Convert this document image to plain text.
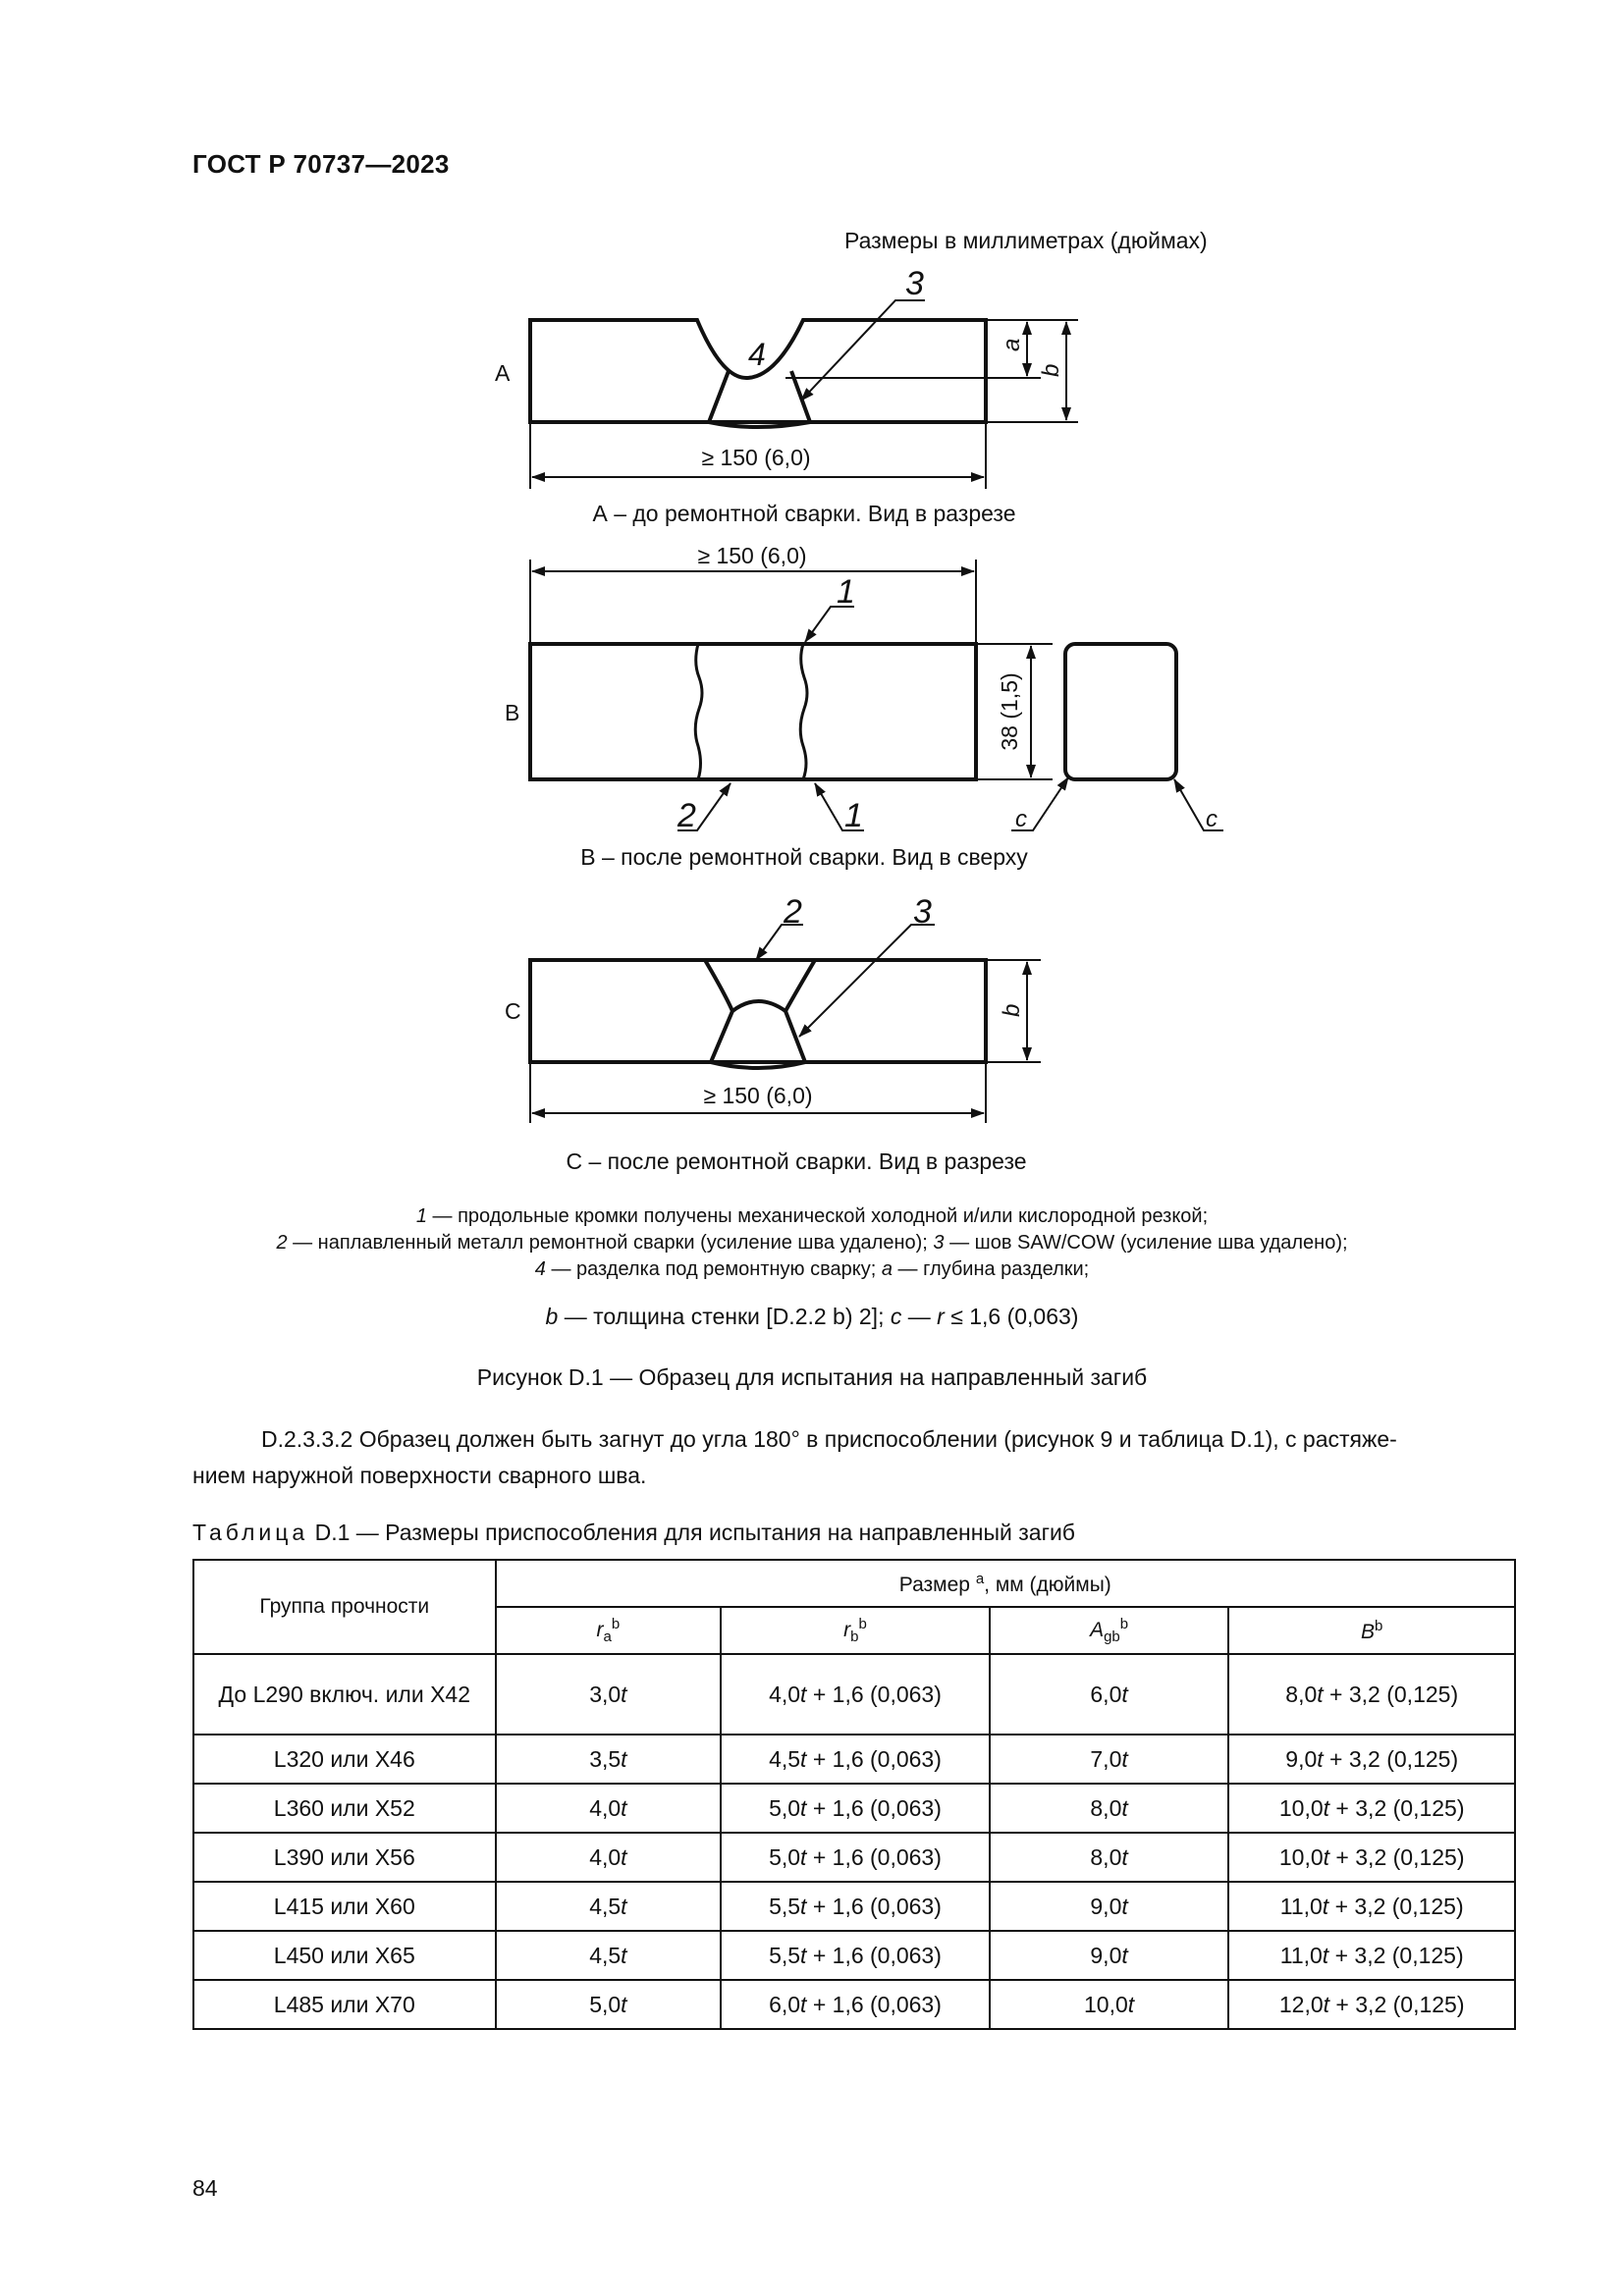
ГОСТ Р 70737—2023
Размеры в миллиметрах (дюймах)
A
3
4	a
b
≥ 150 (6,0)
B
≥ 150 (6,0)
1
2	1	c	c
38 (1,5)
C
2	3
b
≥ 150 (6,0)
А – до ремонтной сварки. Вид в разрезе
В – после ремонтной сварки. Вид в сверху
С – после ремонтной сварки. Вид в разрезе
1 — продольные кромки получены механической холодной и/или кислородной резкой;
2 — наплавленный металл ремонтной сварки (усиление шва удалено); 3 — шов SAW/COW (усиление шва удалено);
4 — разделка под ремонтную сварку; a — глубина разделки;
b — толщина стенки [D.2.2 b) 2]; c — r ≤ 1,6 (0,063)
Рисунок D.1 — Образец для испытания на направленный загиб
D.2.3.3.2 Образец должен быть загнут до угла 180° в приспособлении (рисунок 9 и таблица D.1), с растяже-
нием наружной поверхности сварного шва.
Таблица D.1 — Размеры приспособления для испытания на направленный загиб
Группа прочности	Размер $^a$, мм (дюймы)			
	$r_a^b$	$r_b^b$	$A_{gb}^b$	$B^b$
До L290 включ. или X42	3,0t	4,0t + 1,6 (0,063)	6,0t	8,0t + 3,2 (0,125)
L320 или X46	3,5t	4,5t + 1,6 (0,063)	7,0t	9,0t + 3,2 (0,125)
L360 или X52	4,0t	5,0t + 1,6 (0,063)	8,0t	10,0t + 3,2 (0,125)
L390 или X56	4,0t	5,0t + 1,6 (0,063)	8,0t	10,0t + 3,2 (0,125)
L415 или X60	4,5t	5,5t + 1,6 (0,063)	9,0t	11,0t + 3,2 (0,125)
L450 или X65	4,5t	5,5t + 1,6 (0,063)	9,0t	11,0t + 3,2 (0,125)
L485 или X70	5,0t	6,0t + 1,6 (0,063)	10,0t	12,0t + 3,2 (0,125)
84
